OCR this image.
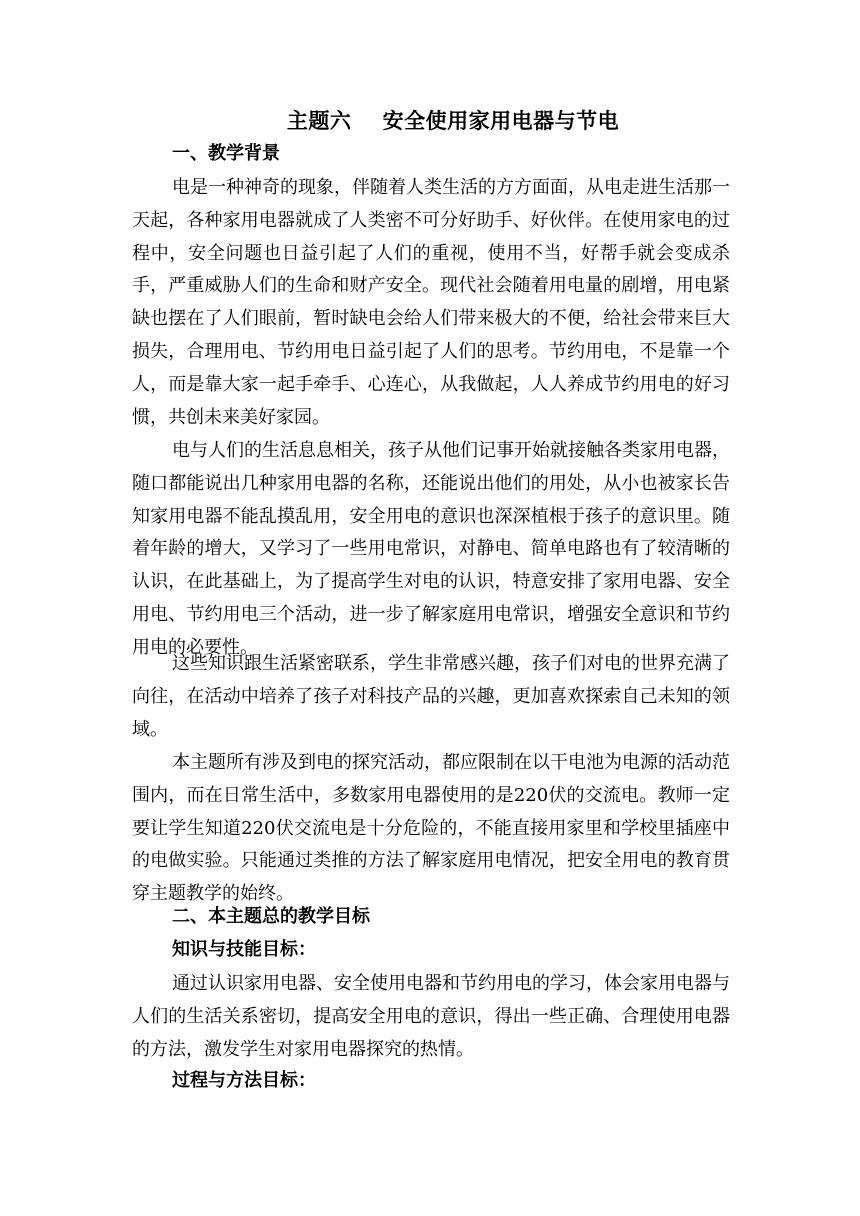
主题六    安全使用家用电器与节电
一、教学背景

电是一种神奇的现象，伴随着人类生活的方方面面，从电走进生活那一天起，各种家用电器就成了人类密不可分好助手、好伙伴。在使用家电的过程中，安全问题也日益引起了人们的重视，使用不当，好帮手就会变成杀手，严重威胁人们的生命和财产安全。现代社会随着用电量的剧增，用电紧缺也摆在了人们眼前，暂时缺电会给人们带来极大的不便，给社会带来巨大损失，合理用电、节约用电日益引起了人们的思考。节约用电，不是靠一个人，而是靠大家一起手牵手、心连心，从我做起，人人养成节约用电的好习惯，共创未来美好家园。

电与人们的生活息息相关，孩子从他们记事开始就接触各类家用电器，随口都能说出几种家用电器的名称，还能说出他们的用处，从小也被家长告知家用电器不能乱摸乱用，安全用电的意识也深深植根于孩子的意识里。随着年龄的增大，又学习了一些用电常识，对静电、简单电路也有了较清晰的认识，在此基础上，为了提高学生对电的认识，特意安排了家用电器、安全用电、节约用电三个活动，进一步了解家庭用电常识，增强安全意识和节约用电的必要性。

这些知识跟生活紧密联系，学生非常感兴趣，孩子们对电的世界充满了向往，在活动中培养了孩子对科技产品的兴趣，更加喜欢探索自己未知的领域。

本主题所有涉及到电的探究活动，都应限制在以干电池为电源的活动范围内，而在日常生活中，多数家用电器使用的是220伏的交流电。教师一定要让学生知道220伏交流电是十分危险的，不能直接用家里和学校里插座中的电做实验。只能通过类推的方法了解家庭用电情况，把安全用电的教育贯穿主题教学的始终。

二、本主题总的教学目标
知识与技能目标：

通过认识家用电器、安全使用电器和节约用电的学习，体会家用电器与人们的生活关系密切，提高安全用电的意识，得出一些正确、合理使用电器的方法，激发学生对家用电器探究的热情。

过程与方法目标：
